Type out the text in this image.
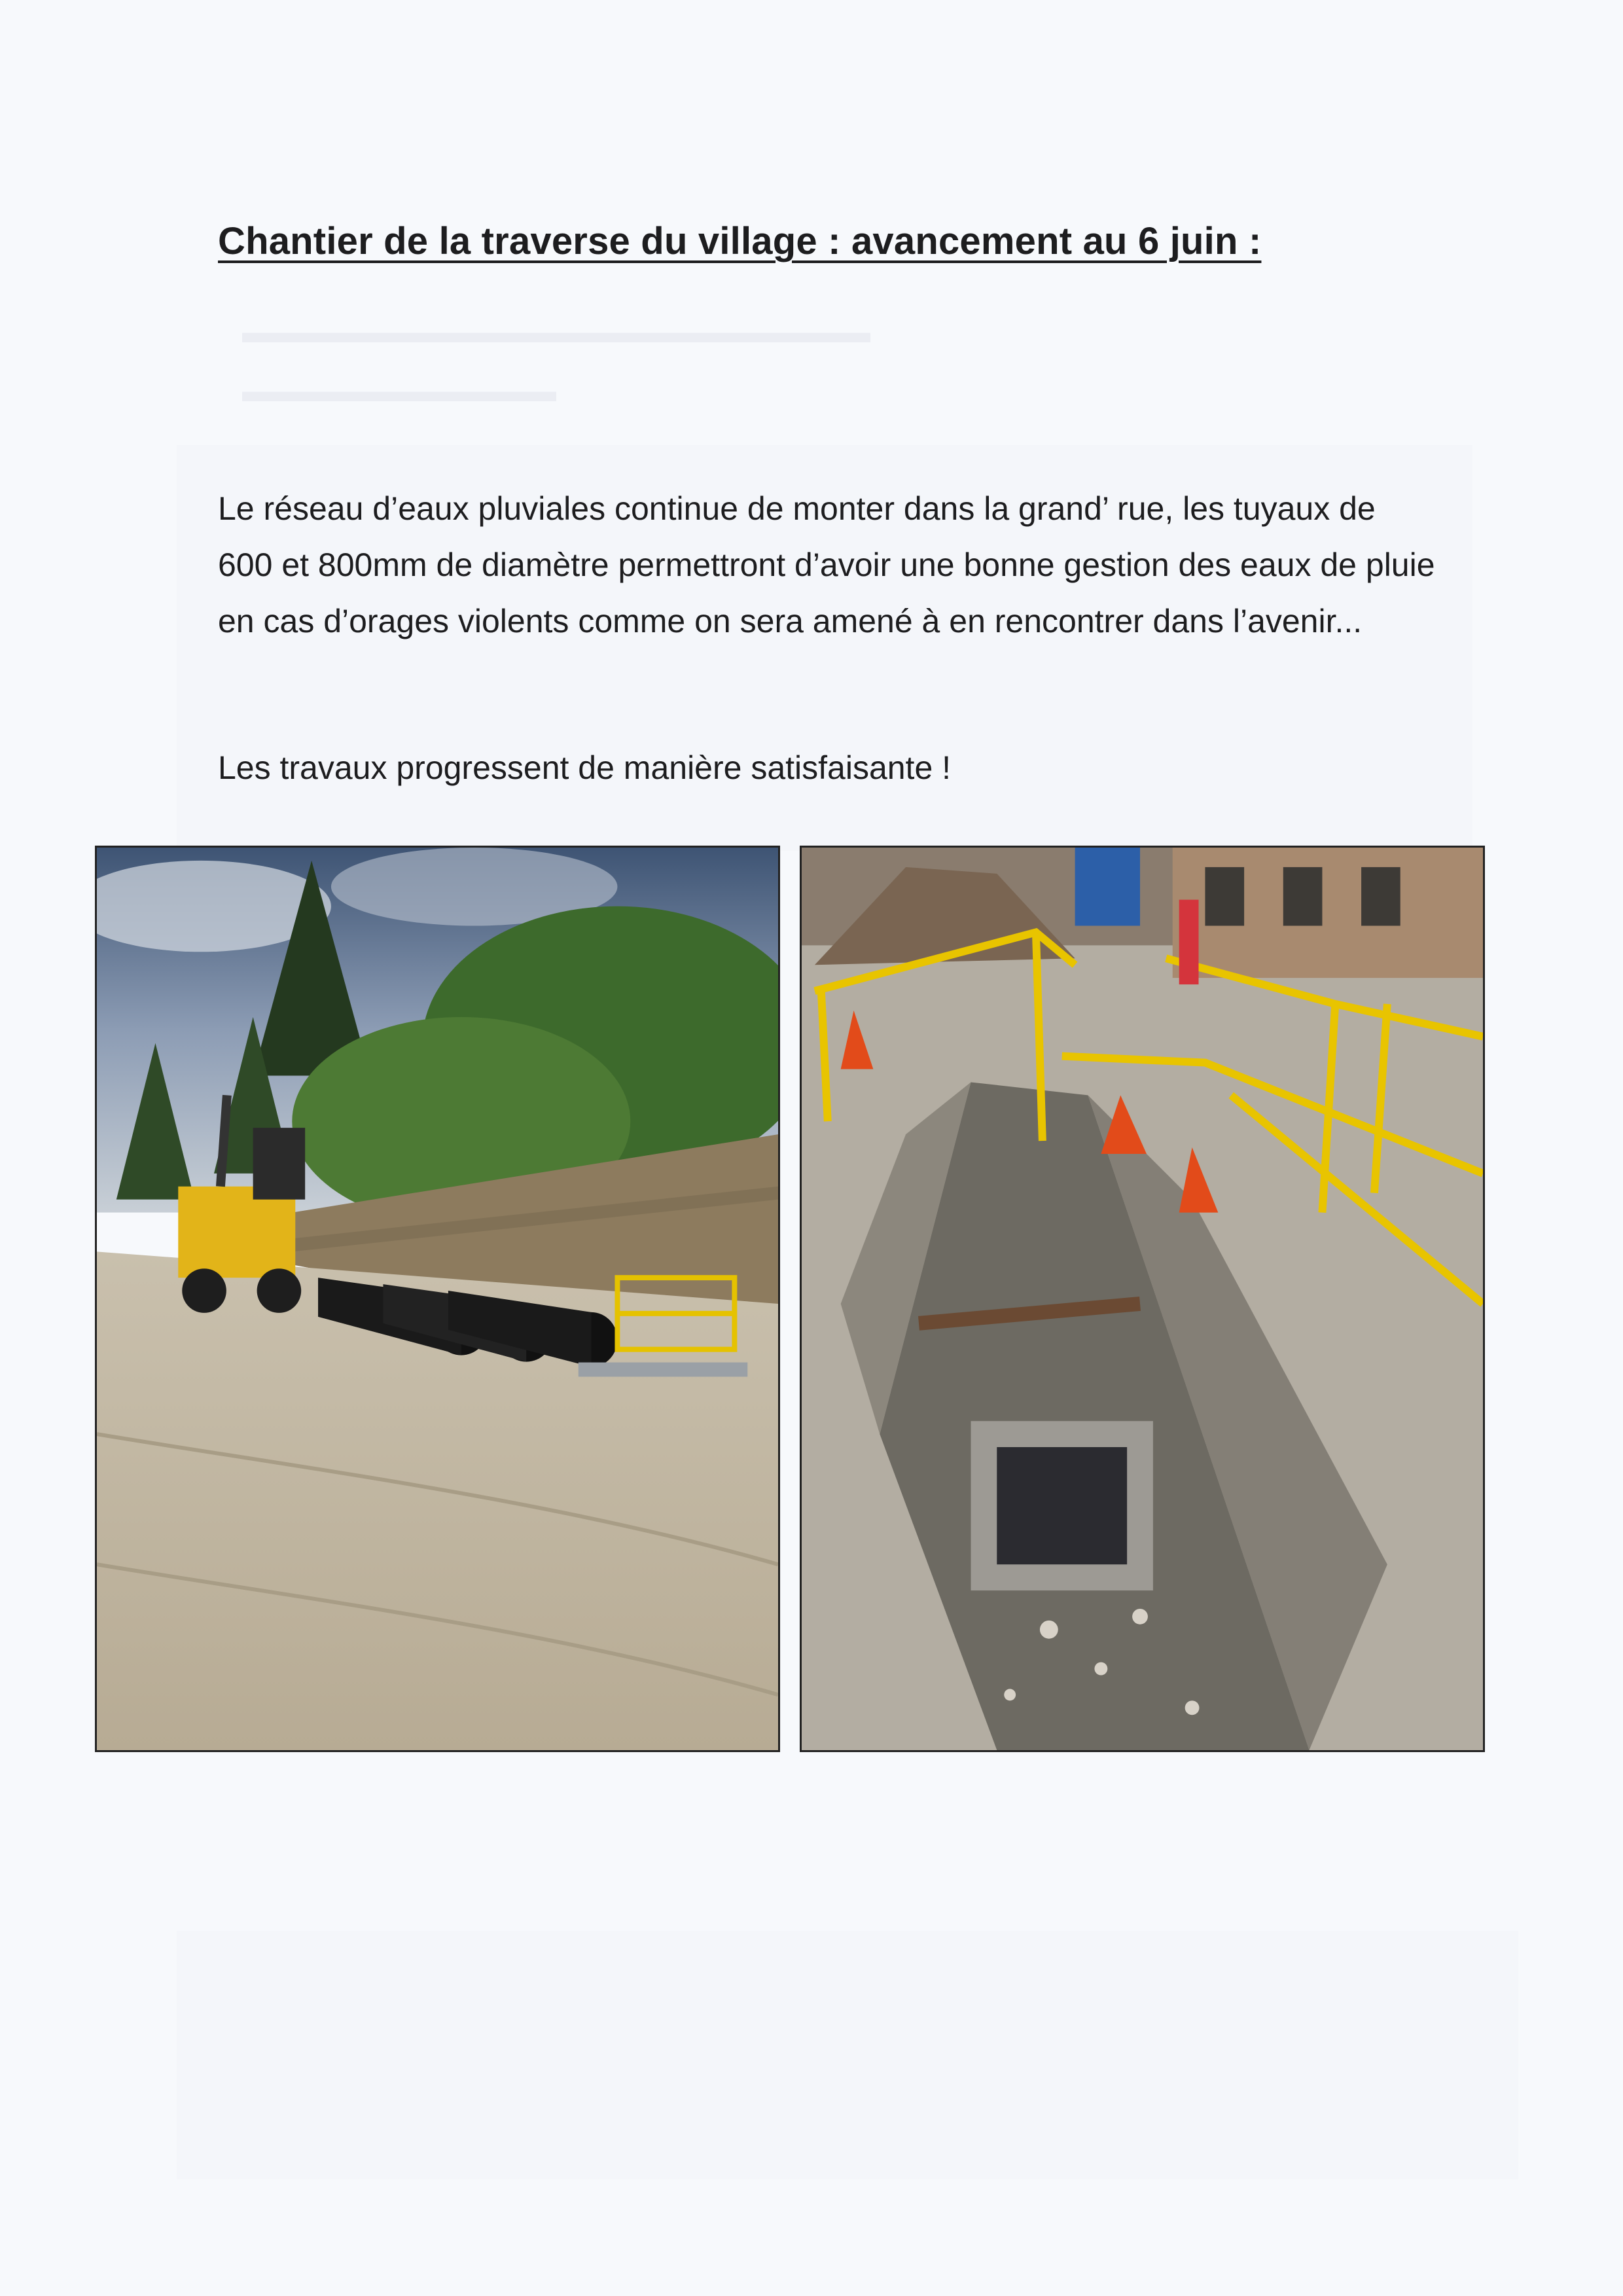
▬▬▬▬▬▬▬▬▬▬▬▬▬▬▬▬▬▬▬▬
▬▬▬▬▬▬▬▬▬▬
Chantier de la traverse du village : avancement au 6 juin :

Le réseau d’eaux pluviales continue de monter dans la grand’ rue, les tuyaux de 600 et 800mm de diamètre permettront d’avoir une bonne gestion des eaux de pluie en cas d’orages violents comme on sera amené à en rencontrer dans l’avenir...

Les travaux progressent de manière satisfaisante !
